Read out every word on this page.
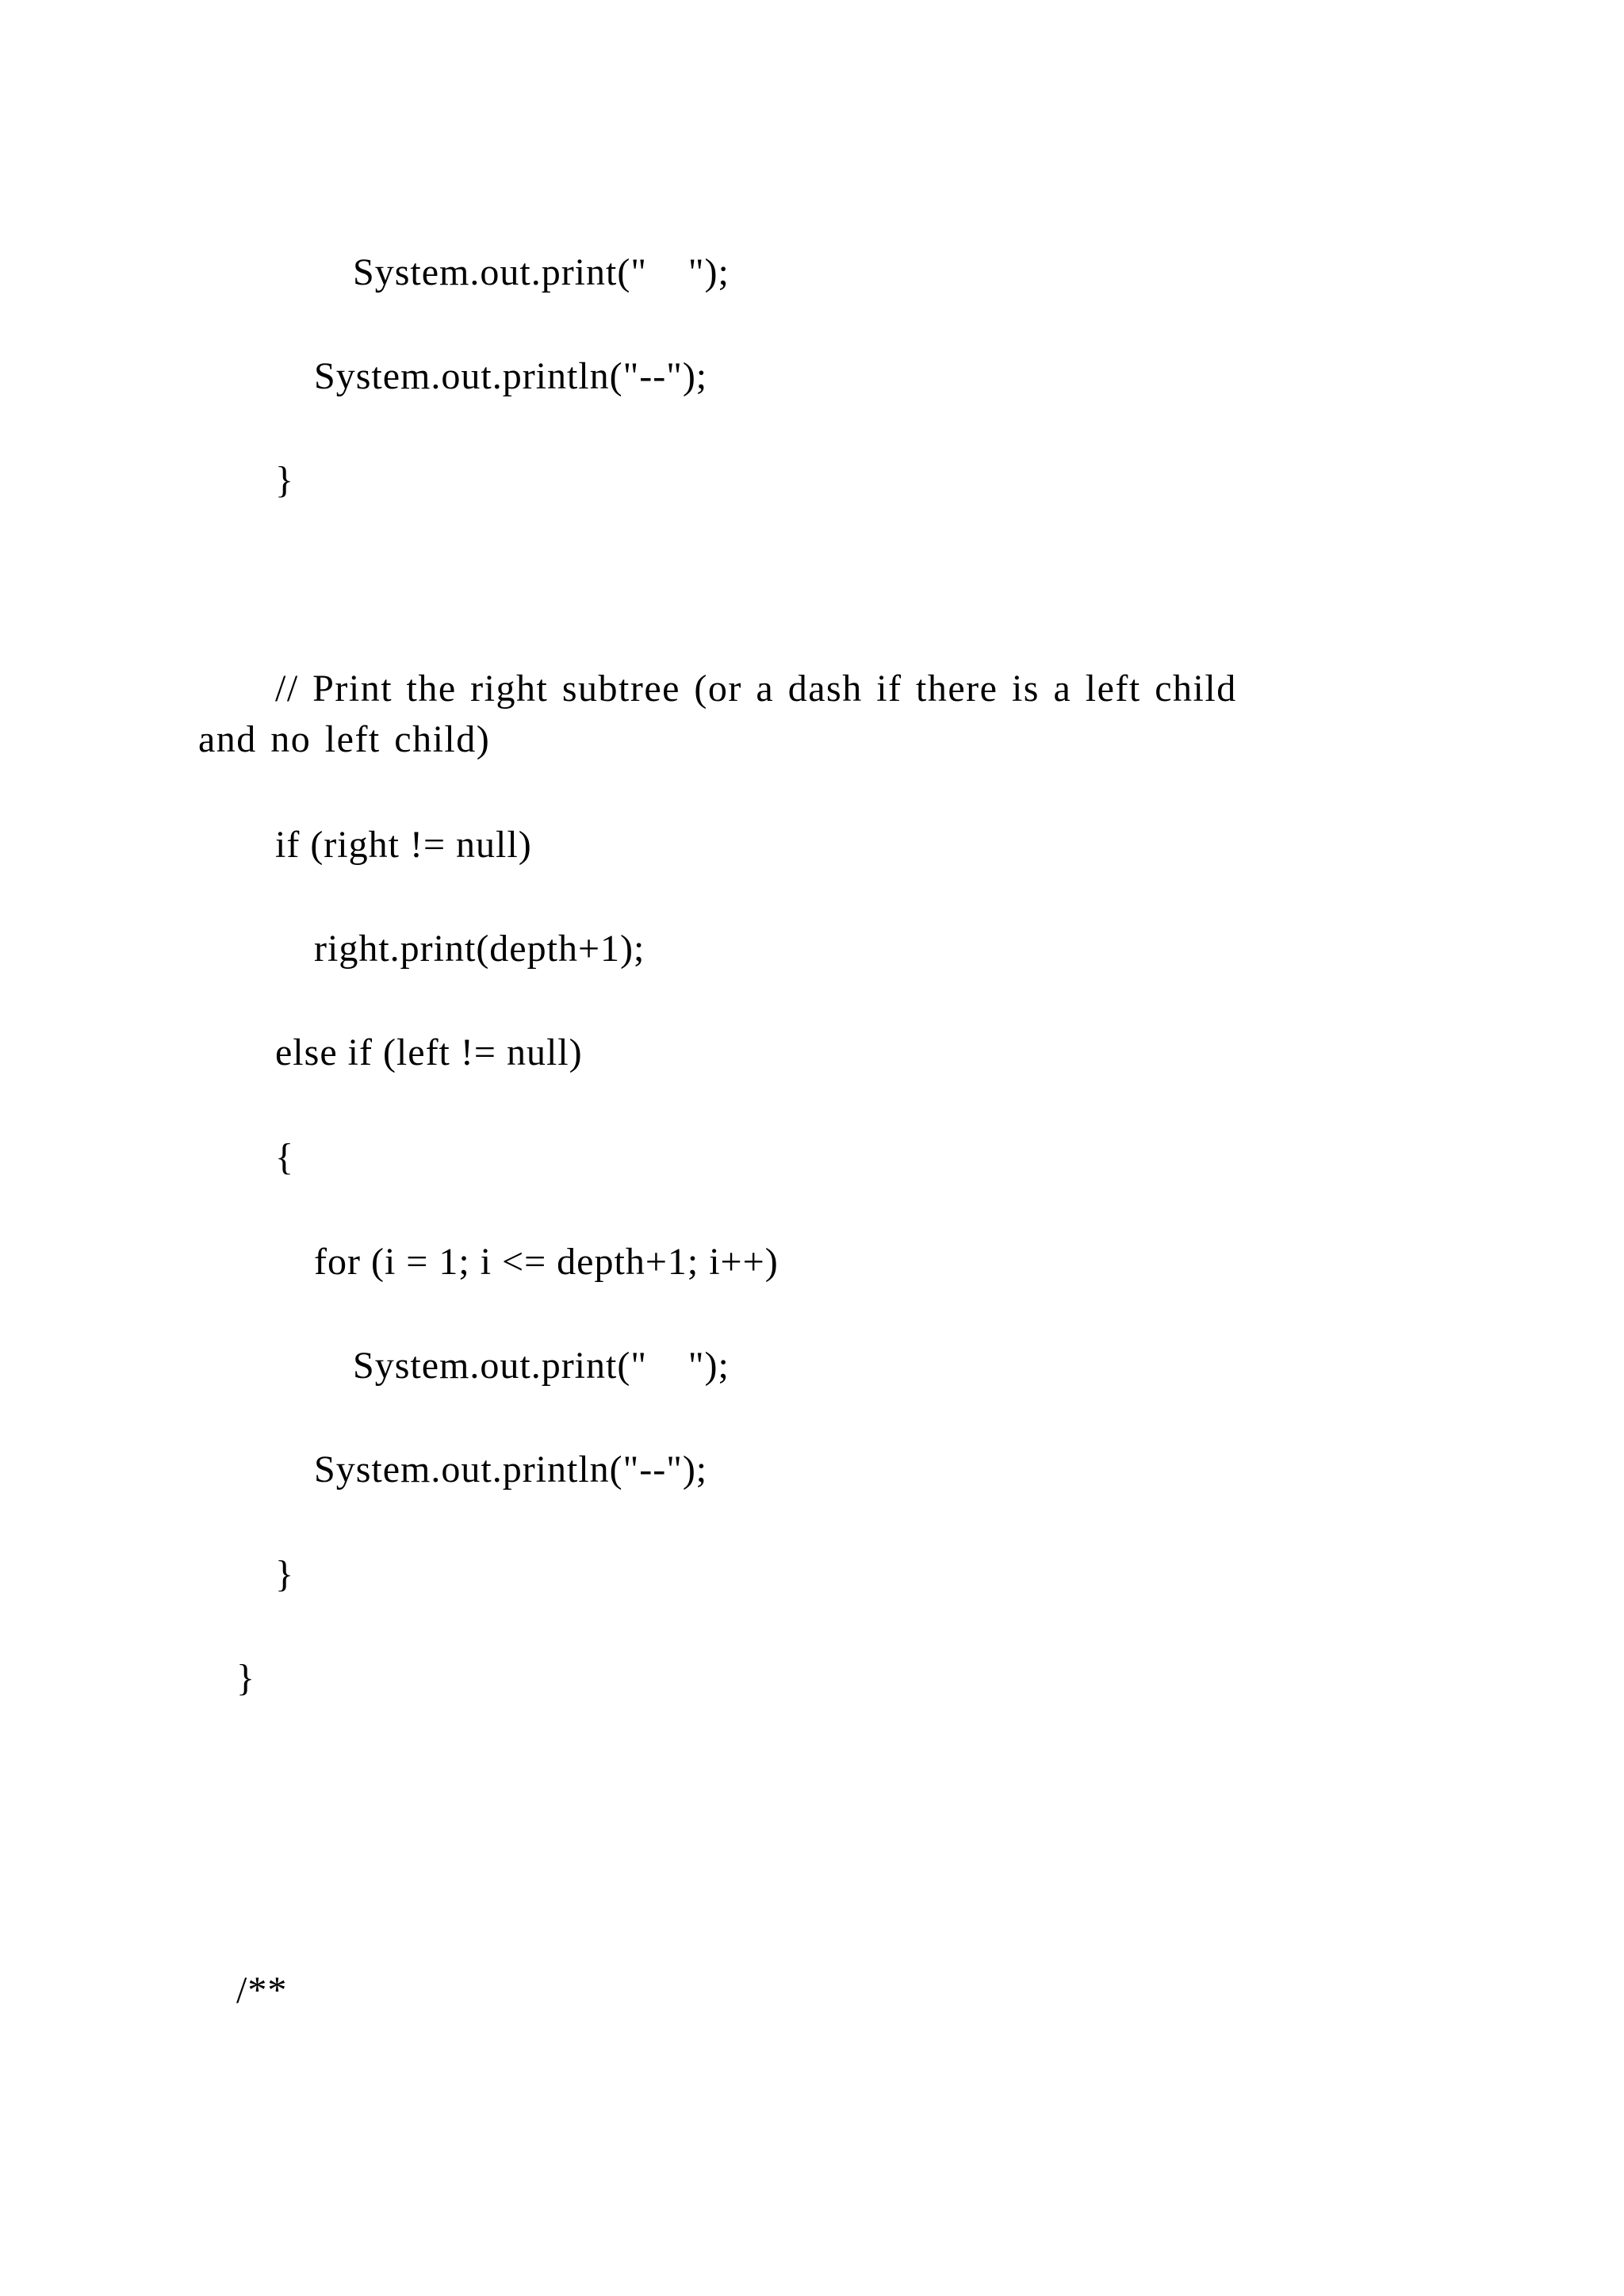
System.out.print("    ");

System.out.println("--");

}

// Print the right subtree (or a dash if there is a left child
and no left child)

if (right != null)

right.print(depth+1);

else if (left != null)

{

for (i = 1; i <= depth+1; i++)

System.out.print("    ");

System.out.println("--");

}

}

/**
